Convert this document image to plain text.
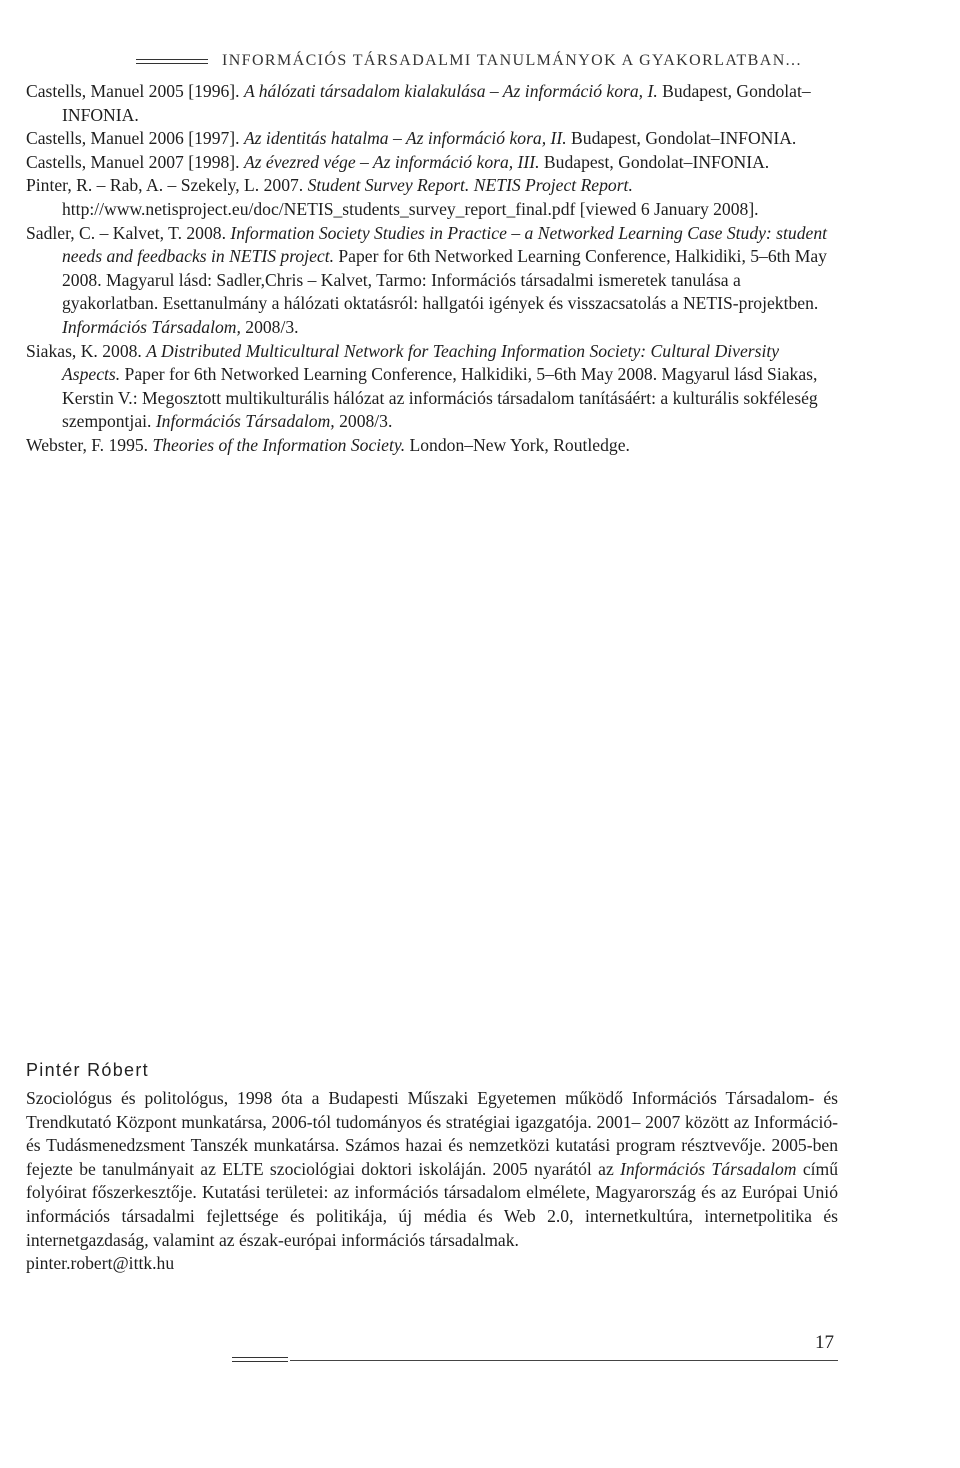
INFORMÁCIÓS TÁRSADALMI TANULMÁNYOK A GYAKORLATBAN...

Castells, Manuel 2005 [1996]. A hálózati társadalom kialakulása – Az információ kora, I. Budapest, Gondolat–INFONIA.

Castells, Manuel 2006 [1997]. Az identitás hatalma – Az információ kora, II. Budapest, Gondolat–INFONIA.

Castells, Manuel 2007 [1998]. Az évezred vége – Az információ kora, III. Budapest, Gondolat–INFONIA.

Pinter, R. – Rab, A. – Szekely, L. 2007. Student Survey Report. NETIS Project Report. http://www.netisproject.eu/doc/NETIS_students_survey_report_final.pdf [viewed 6 January 2008].

Sadler, C. – Kalvet, T. 2008. Information Society Studies in Practice – a Networked Learning Case Study: student needs and feedbacks in NETIS project. Paper for 6th Networked Learning Conference, Halkidiki, 5–6th May 2008. Magyarul lásd: Sadler,Chris – Kalvet, Tarmo: Információs társadalmi ismeretek tanulása a gyakorlatban. Esettanulmány a hálózati oktatásról: hallgatói igények és visszacsatolás a NETIS-projektben. Információs Társadalom, 2008/3.

Siakas, K. 2008. A Distributed Multicultural Network for Teaching Information Society: Cultural Diversity Aspects. Paper for 6th Networked Learning Conference, Halkidiki, 5–6th May 2008. Magyarul lásd Siakas, Kerstin V.: Megosztott multikulturális hálózat az információs társadalom tanításáért: a kulturális sokféleség szempontjai. Információs Társadalom, 2008/3.

Webster, F. 1995. Theories of the Information Society. London–New York, Routledge.

Pintér Róbert

Szociológus és politológus, 1998 óta a Budapesti Műszaki Egyetemen működő Információs Társadalom- és Trendkutató Központ munkatársa, 2006-tól tudományos és stratégiai igazgatója. 2001– 2007 között az Információ- és Tudásmenedzsment Tanszék munkatársa. Számos hazai és nemzetközi kutatási program résztvevője. 2005-ben fejezte be tanulmányait az ELTE szociológiai doktori iskoláján. 2005 nyarától az Információs Társadalom című folyóirat főszerkesztője. Kutatási területei: az információs társadalom elmélete, Magyarország és az Európai Unió információs társadalmi fejlettsége és politikája, új média és Web 2.0, internetkultúra, internetpolitika és internetgazdaság, valamint az észak-európai információs társadalmak.

pinter.robert@ittk.hu

17
